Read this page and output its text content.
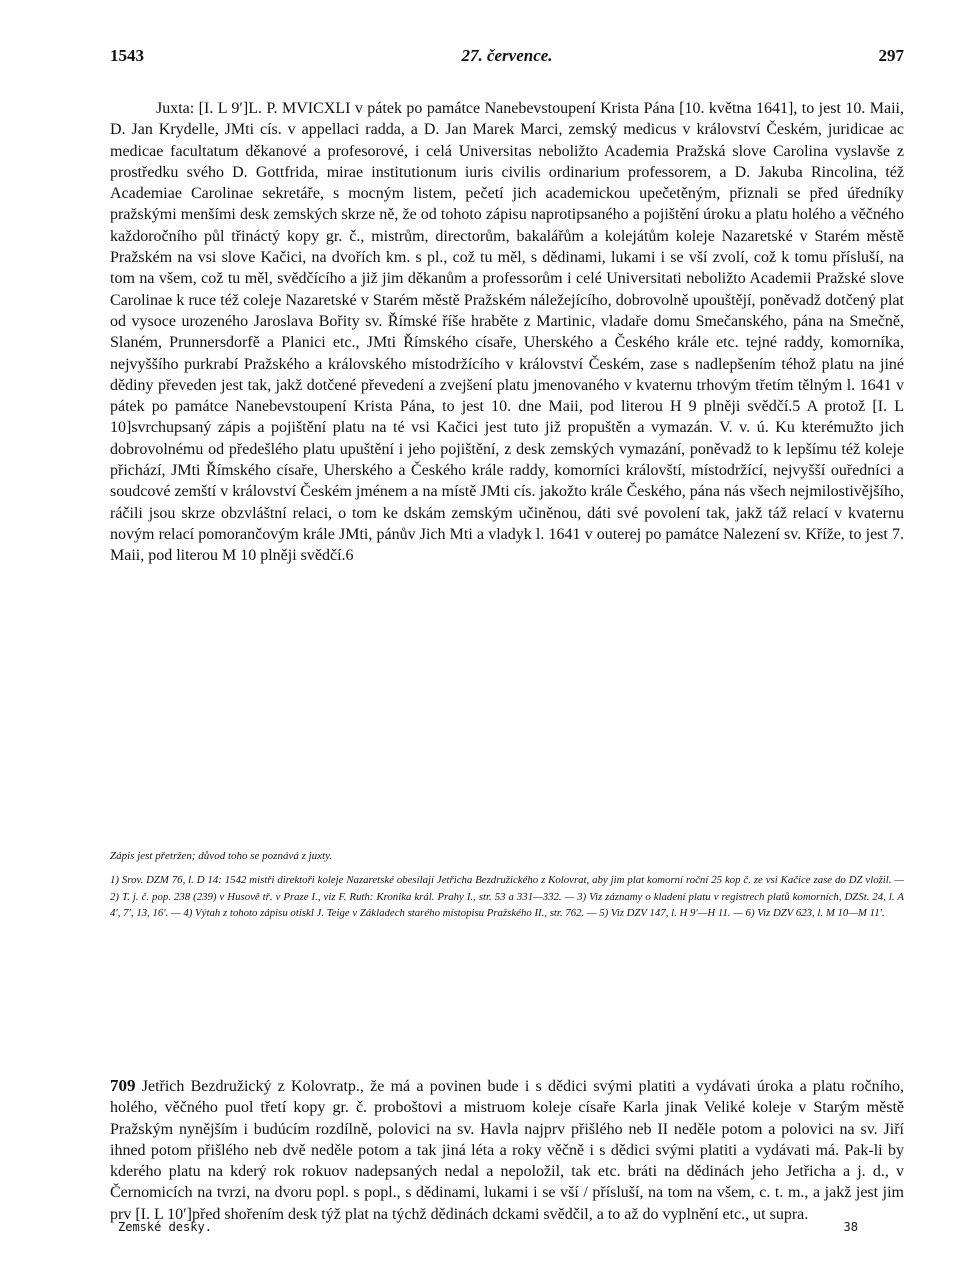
1543	27. července.	297

Juxta: [I. L 9′]L. P. MVICXLI v pátek po památce Nanebevstoupení Krista Pána [10. května 1641], to jest 10. Maii, D. Jan Krydelle, JMti cís. v appellaci radda, a D. Jan Marek Marci, zemský medicus v království Českém, juridicae ac medicae facultatum děkanové a profesorové, i celá Universitas neboližto Academia Pražská slove Carolina vyslavše z prostředku svého D. Gottfrida, mirae institutionum iuris civilis ordinarium professorem, a D. Jakuba Rincolina, též Academiae Carolinae sekretáře, s mocným listem, pečetí jich academickou upečetěným, přiznali se před úředníky pražskými menšími desk zemských skrze ně, že od tohoto zápisu naprotipsaného a pojištění úroku a platu holého a věčného každoročního půl třináctý kopy gr. č., mistrům, directorům, bakalářům a kolejátům koleje Nazaretské v Starém městě Pražském na vsi slove Kačici, na dvořích km. s pl., což tu měl, s dědinami, lukami i se vší zvolí, což k tomu přísluší, na tom na všem, což tu měl, svědčícího a již jim děkanům a professorům i celé Universitati neboližto Academii Pražské slove Carolinae k ruce též coleje Nazaretské v Starém městě Pražském náležejícího, dobrovolně upouštějí, poněvadž dotčený plat od vysoce urozeného Jaroslava Bořity sv. Římské říše hraběte z Martinic, vladaře domu Smečanského, pána na Smečně, Slaném, Prunnersdorfě a Planici etc., JMti Římského císaře, Uherského a Českého krále etc. tejné raddy, komorníka, nejvyššího purkrabí Pražského a královského místodržícího v království Českém, zase s nadlepšením téhož platu na jiné dědiny převeden jest tak, jakž dotčené převedení a zvejšení platu jmenovaného v kvaternu trhovým třetím tělným l. 1641 v pátek po památce Nanebevstoupení Krista Pána, to jest 10. dne Maii, pod literou H 9 plněji svědčí.5 A protož [I. L 10]svrchupsaný zápis a pojištění platu na té vsi Kačici jest tuto již propuštěn a vymazán. V. v. ú. Ku kterémužto jich dobrovolnému od předešlého platu upuštění i jeho pojištění, z desk zemských vymazání, poněvadž to k lepšímu též koleje přichází, JMti Římského císaře, Uherského a Českého krále raddy, komorníci královští, místodržící, nejvyšší ouředníci a soudcové zemští v království Českém jménem a na místě JMti cís. jakožto krále Českého, pána nás všech nejmilostivějšího, ráčili jsou skrze obzvláštní relaci, o tom ke dskám zemským učiněnou, dáti své povolení tak, jakž táž relací v kvaternu novým relací pomorančovým krále JMti, pánův Jich Mti a vladyk l. 1641 v outerej po památce Nalezení sv. Kříže, to jest 7. Maii, pod literou M 10 plněji svědčí.6

Zápis jest přetržen; důvod toho se poznává z juxty.
1) Srov. DZM 76, l. D 14: 1542 mistři direktoři koleje Nazaretské obesílají Jetřicha Bezdružického z Kolovrat, aby jim plat komorní roční 25 kop č. ze vsi Kačice zase do DZ vložil. — 2) T. j. č. pop. 238 (239) v Husově tř. v Praze I., viz F. Ruth: Kronika král. Prahy I., str. 53 a 331—332. — 3) Viz záznamy o kladení platu v registrech platů komorních, DZSt. 24, l. A 4′, 7′, 13, 16′. — 4) Výtah z tohoto zápisu otiskl J. Teige v Základech starého místopisu Pražského II., str. 762. — 5) Viz DZV 147, l. H 9′—H 11. — 6) Viz DZV 623, l. M 10—M 11′.
709 Jetřich Bezdružický z Kolovratp., že má a povinen bude i s dědici svými platiti a vydávati úroka a platu ročního, holého, věčného puol třetí kopy gr. č. proboštovi a mistruom koleje císaře Karla jinak Veliké koleje v Starým městě Pražským nynějším i budúcím rozdílně, polovici na sv. Havla najprv přišlého neb II neděle potom a polovici na sv. Jiří ihned potom přišlého neb dvě neděle potom a tak jiná léta a roky věčně i s dědici svými platiti a vydávati má. Pak-li by kderého platu na kderý rok rokuov nadepsaných nedal a nepoložil, tak etc. bráti na dědinách jeho Jetřicha a j. d., v Černomicích na tvrzi, na dvoru popl. s popl., s dědinami, lukami i se vší / přísluší, na tom na všem, c. t. m., a jakž jest jim prv [I. L 10′]před shořením desk týž plat na týchž dědinách dckami svědčil, a to až do vyplnění etc., ut supra.
Zemské desky.	38
